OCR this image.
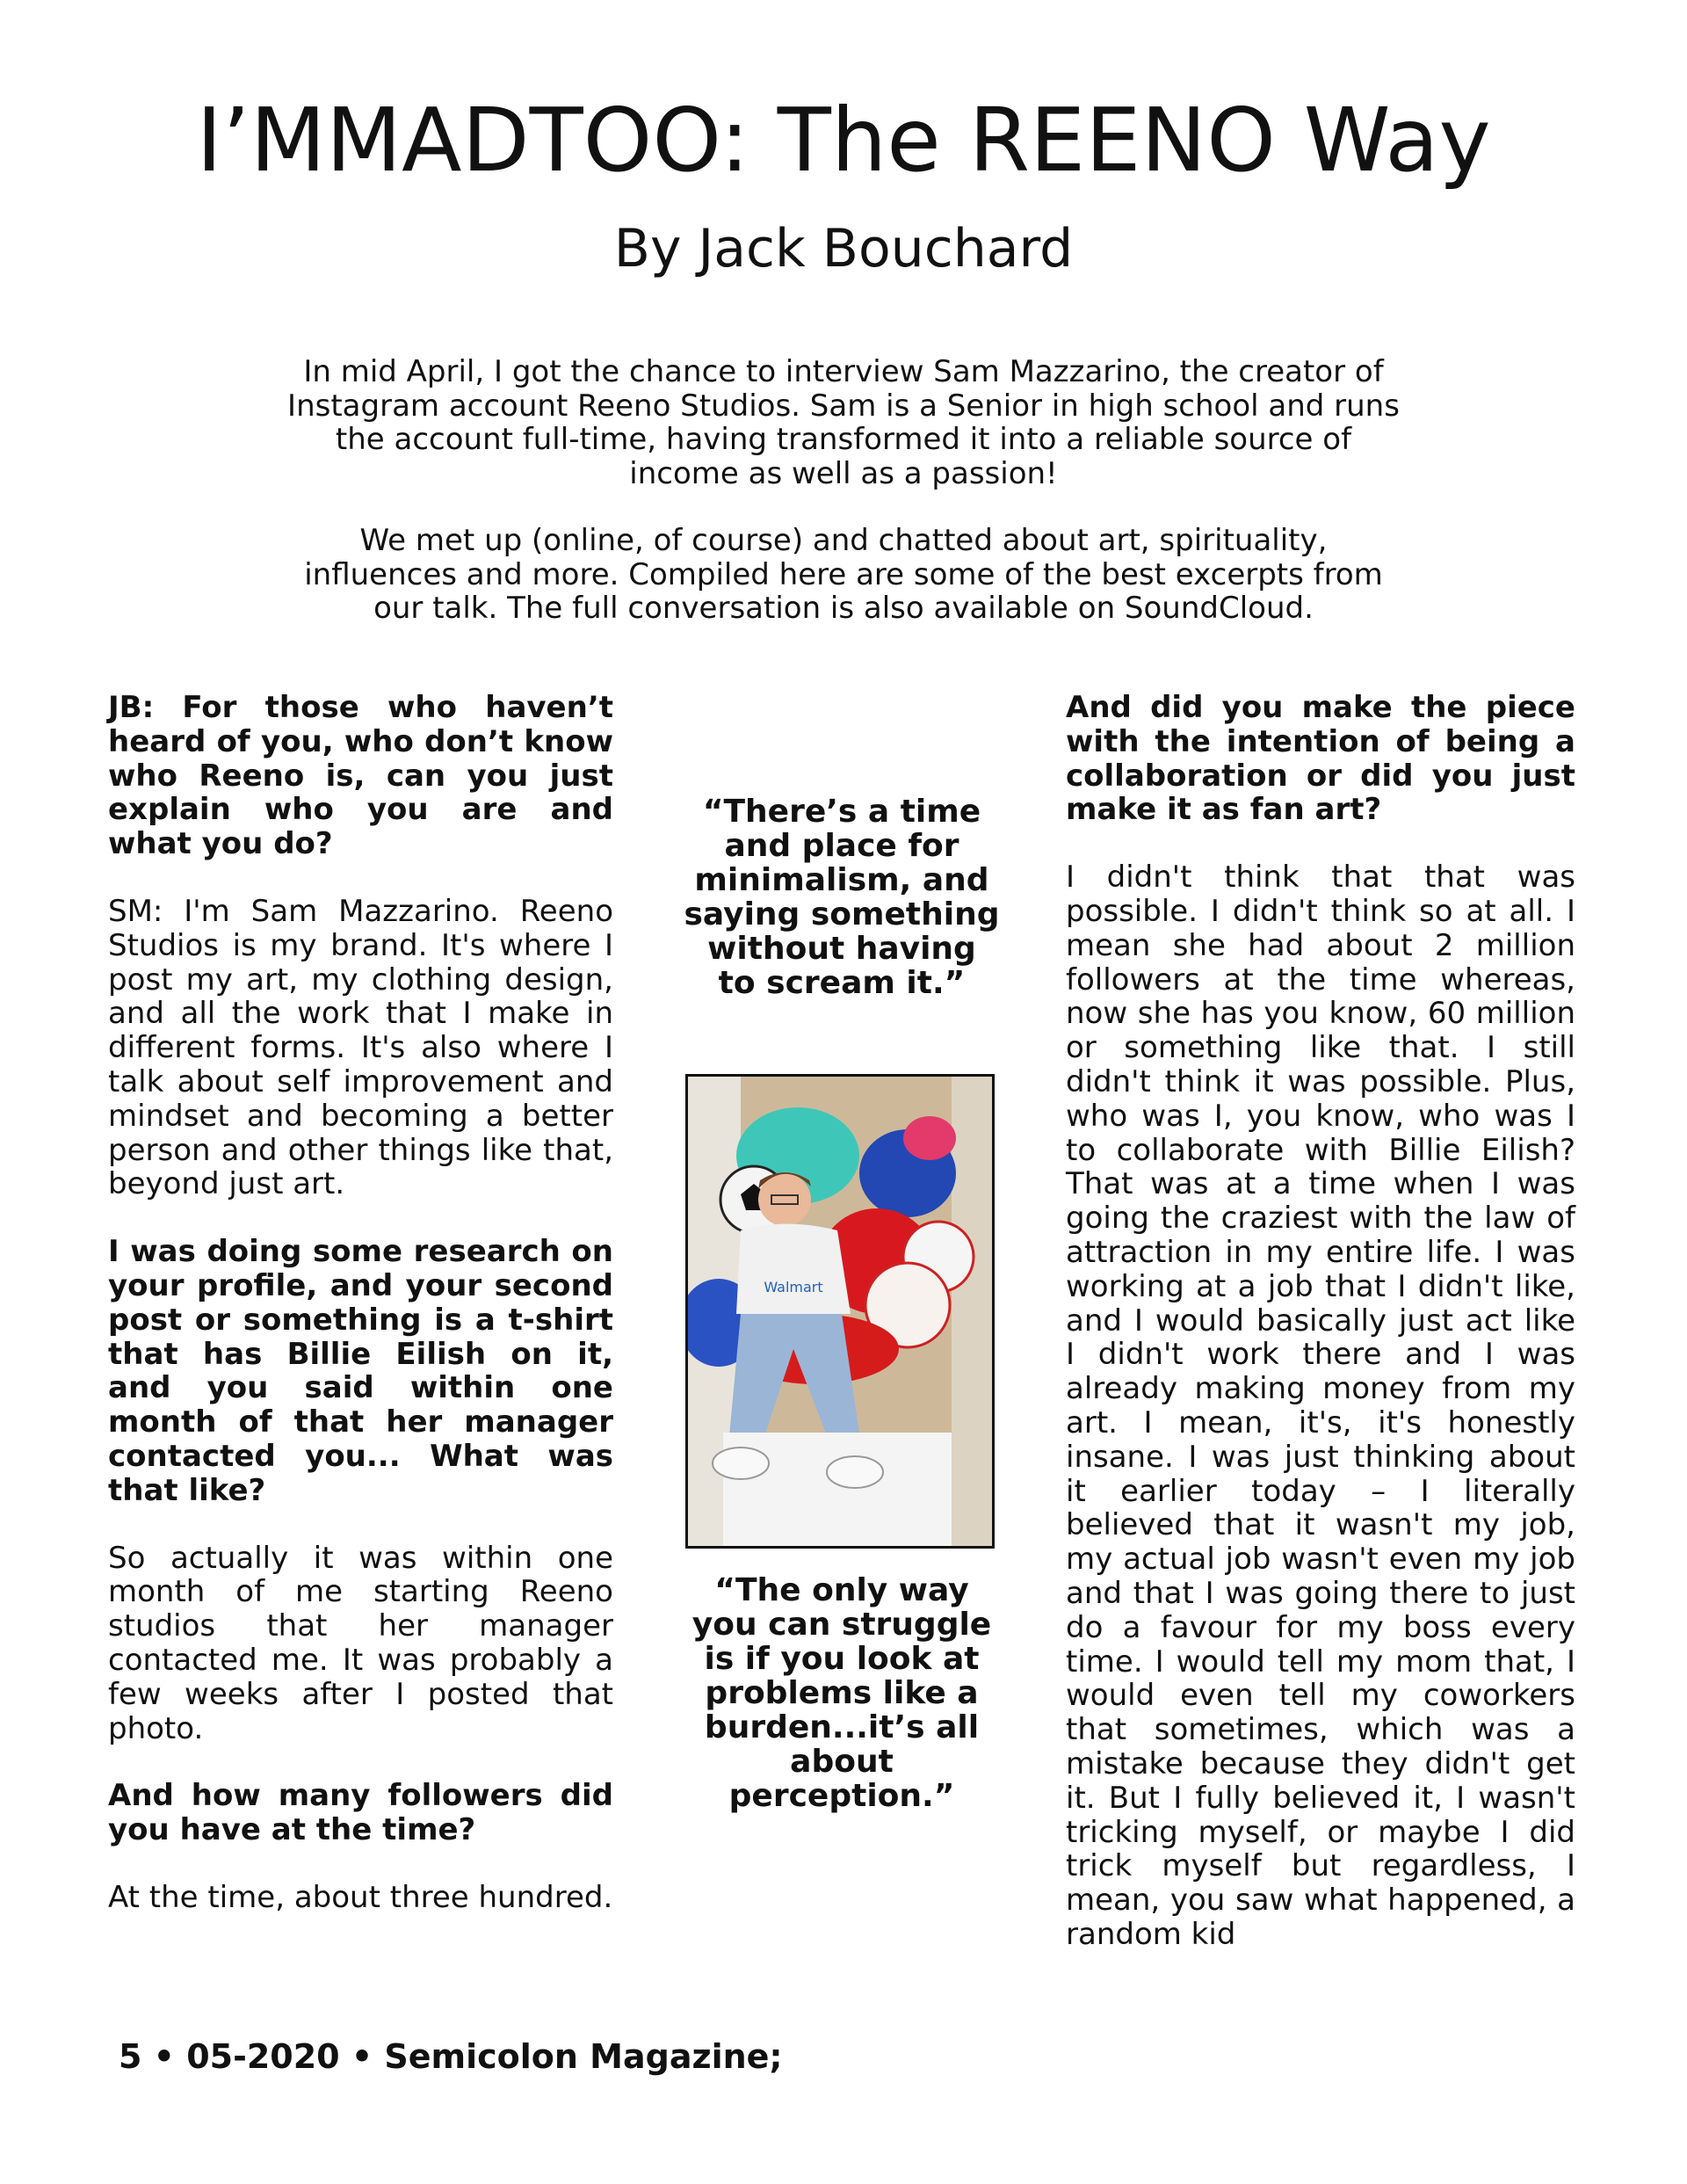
I’MMADTOO: The REENO Way
By Jack Bouchard

In mid April, I got the chance to interview Sam Mazzarino, the creator of Instagram account Reeno Studios. Sam is a Senior in high school and runs the account full-time, having transformed it into a reliable source of income as well as a passion!

We met up (online, of course) and chatted about art, spirituality, influences and more. Compiled here are some of the best excerpts from our talk. The full conversation is also available on SoundCloud.

JB: For those who haven’t heard of you, who don’t know who Reeno is, can you just explain who you are and what you do?

SM: I'm Sam Mazzarino. Reeno Studios is my brand. It's where I post my art, my clothing design, and all the work that I make in different forms. It's also where I talk about self improvement and mindset and becoming a better person and other things like that, beyond just art.

I was doing some research on your profile, and your second post or something is a t-shirt that has Billie Eilish on it, and you said within one month of that her manager contacted you... What was that like?

So actually it was within one month of me starting Reeno studios that her manager contacted me. It was probably a few weeks after I posted that photo.

And how many followers did you have at the time?

At the time, about three hundred.

“There’s a time and place for minimalism, and saying something without having to scream it.”
Walmart
“The only way you can struggle is if you look at problems like a burden...it’s all about perception.”

And did you make the piece with the intention of being a collaboration or did you just make it as fan art?

I didn't think that that was possible. I didn't think so at all. I mean she had about 2 million followers at the time whereas, now she has you know, 60 million or something like that. I still didn't think it was possible. Plus, who was I, you know, who was I to collaborate with Billie Eilish? That was at a time when I was going the craziest with the law of attraction in my entire life. I was working at a job that I didn't like, and I would basically just act like I didn't work there and I was already making money from my art. I mean, it's, it's honestly insane. I was just thinking about it earlier today – I literally believed that it wasn't my job, my actual job wasn't even my job and that I was going there to just do a favour for my boss every time. I would tell my mom that, I would even tell my coworkers that sometimes, which was a mistake because they didn't get it. But I fully believed it, I wasn't tricking myself, or maybe I did trick myself but regardless, I mean, you saw what happened, a random kid

5 • 05-2020 • Semicolon Magazine;
